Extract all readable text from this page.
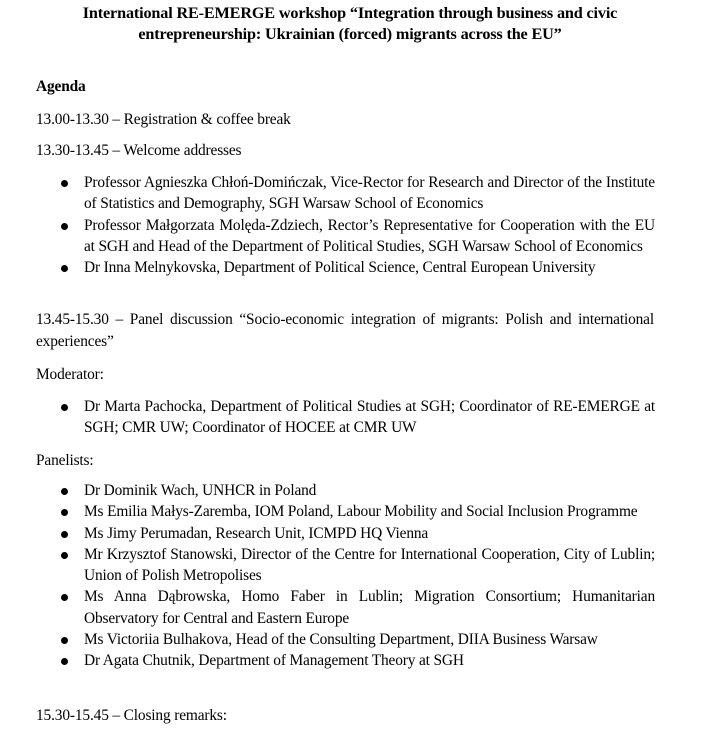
International RE-EMERGE workshop “Integration through business and civic
entrepreneurship: Ukrainian (forced) migrants across the EU”
Agenda
13.00-13.30 – Registration & coffee break
13.30-13.45 – Welcome addresses
Professor Agnieszka Chłoń-Domińczak, Vice-Rector for Research and Director of the Institute of Statistics and Demography, SGH Warsaw School of Economics
Professor Małgorzata Molęda-Zdziech, Rector’s Representative for Cooperation with the EU at SGH and Head of the Department of Political Studies, SGH Warsaw School of Economics
Dr Inna Melnykovska, Department of Political Science, Central European University
13.45-15.30 – Panel discussion “Socio-economic integration of migrants: Polish and international experiences”
Moderator:
Dr Marta Pachocka, Department of Political Studies at SGH; Coordinator of RE-EMERGE at SGH; CMR UW; Coordinator of HOCEE at CMR UW
Panelists:
Dr Dominik Wach, UNHCR in Poland
Ms Emilia Małys-Zaremba, IOM Poland, Labour Mobility and Social Inclusion Programme
Ms Jimy Perumadan, Research Unit, ICMPD HQ Vienna
Mr Krzysztof Stanowski, Director of the Centre for International Cooperation, City of Lublin; Union of Polish Metropolises
Ms Anna Dąbrowska, Homo Faber in Lublin; Migration Consortium; Humanitarian Observatory for Central and Eastern Europe
Ms Victoriia Bulhakova, Head of the Consulting Department, DIIA Business Warsaw
Dr Agata Chutnik, Department of Management Theory at SGH
15.30-15.45 – Closing remarks:
